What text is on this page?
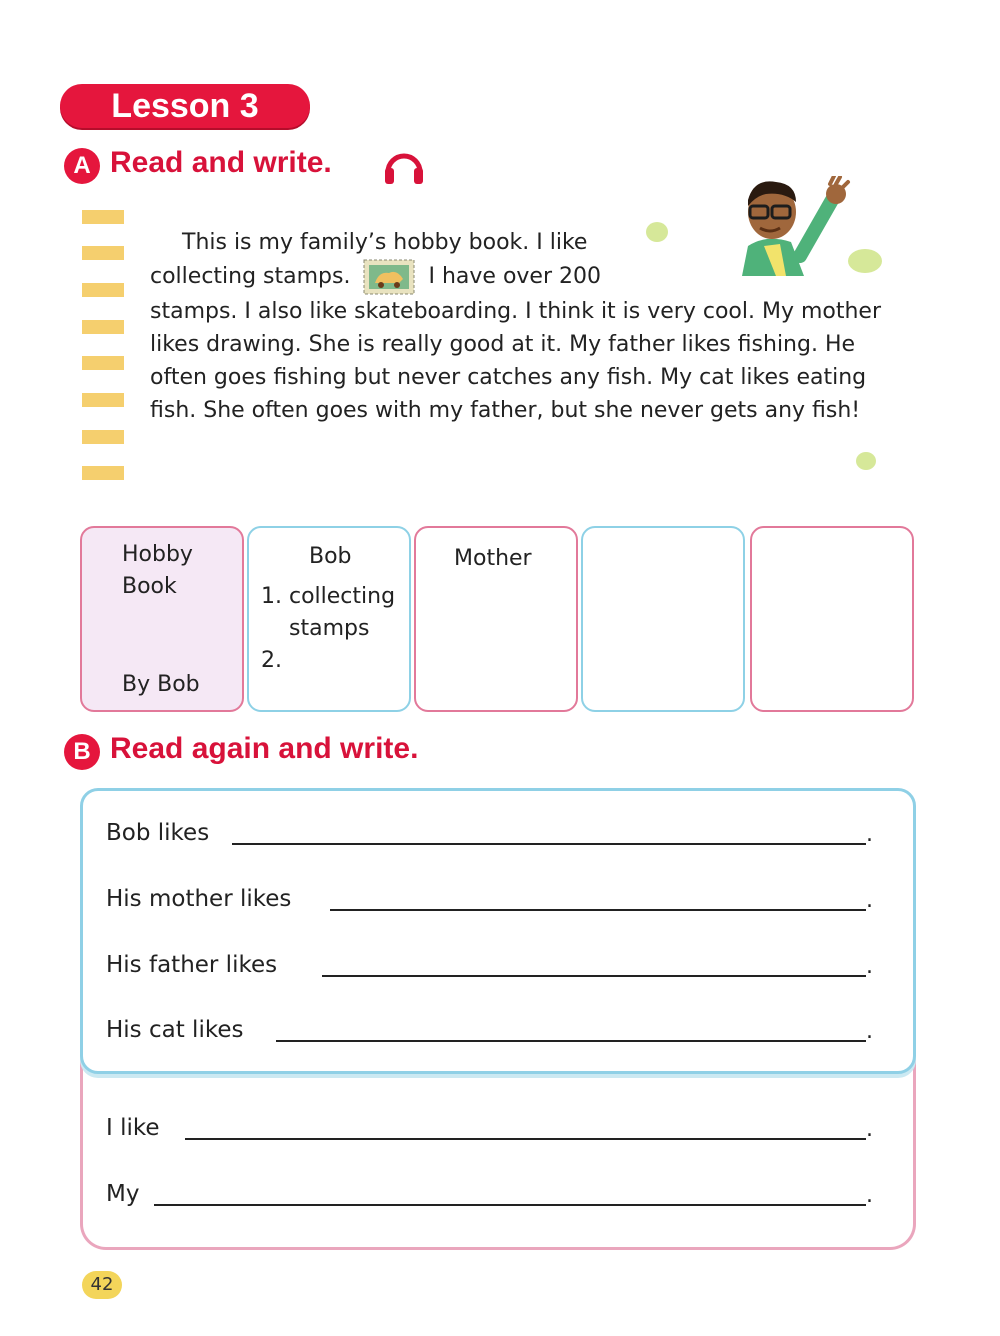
Lesson 3
A Read and write.

This is my family’s hobby book. I like

collecting stamps.	I have over 200

stamps. I also like skateboarding. I think it is very cool. My mother likes drawing. She is really good at it. My father likes fishing. He often goes fishing but never catches any fish. My cat likes eating fish. She often goes with my father, but she never gets any fish!

Hobby
Book
By Bob
Bob
1. collecting
stamps
2.
Mother
B Read again and write.
Bob likes	.
His mother likes	.
His father likes	.
His cat likes	.
I like	.
My	.
42
